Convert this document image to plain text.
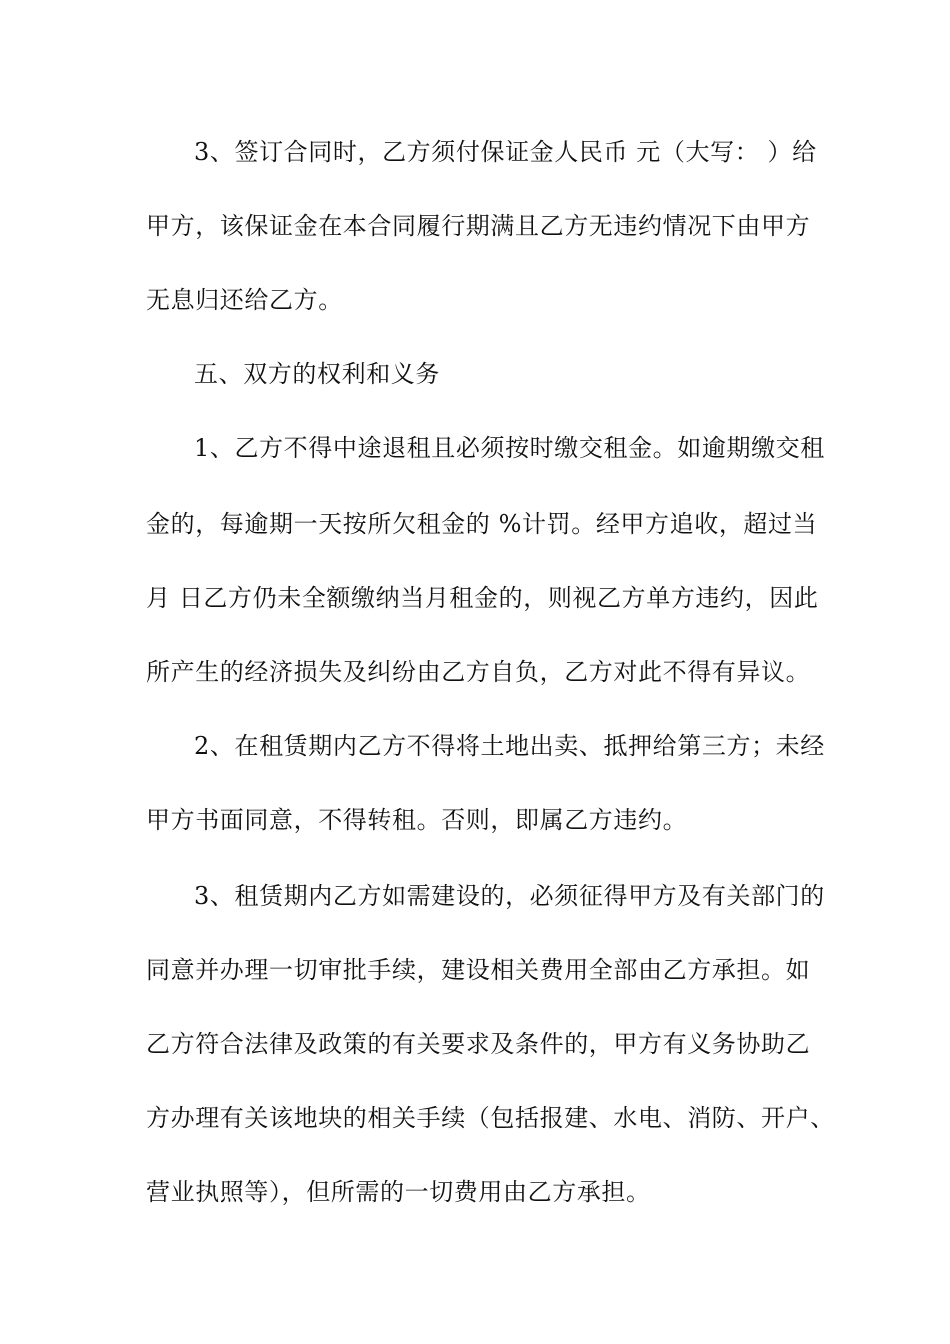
3、签订合同时，乙方须付保证金人民币 元（大写： ）给
甲方，该保证金在本合同履行期满且乙方无违约情况下由甲方
无息归还给乙方。
五、双方的权利和义务
1、乙方不得中途退租且必须按时缴交租金。如逾期缴交租
金的，每逾期一天按所欠租金的 %计罚。经甲方追收，超过当
月 日乙方仍未全额缴纳当月租金的，则视乙方单方违约，因此
所产生的经济损失及纠纷由乙方自负，乙方对此不得有异议。
2、在租赁期内乙方不得将土地出卖、抵押给第三方；未经
甲方书面同意，不得转租。否则，即属乙方违约。
3、租赁期内乙方如需建设的，必须征得甲方及有关部门的
同意并办理一切审批手续，建设相关费用全部由乙方承担。如
乙方符合法律及政策的有关要求及条件的，甲方有义务协助乙
方办理有关该地块的相关手续（包括报建、水电、消防、开户、
营业执照等），但所需的一切费用由乙方承担。
